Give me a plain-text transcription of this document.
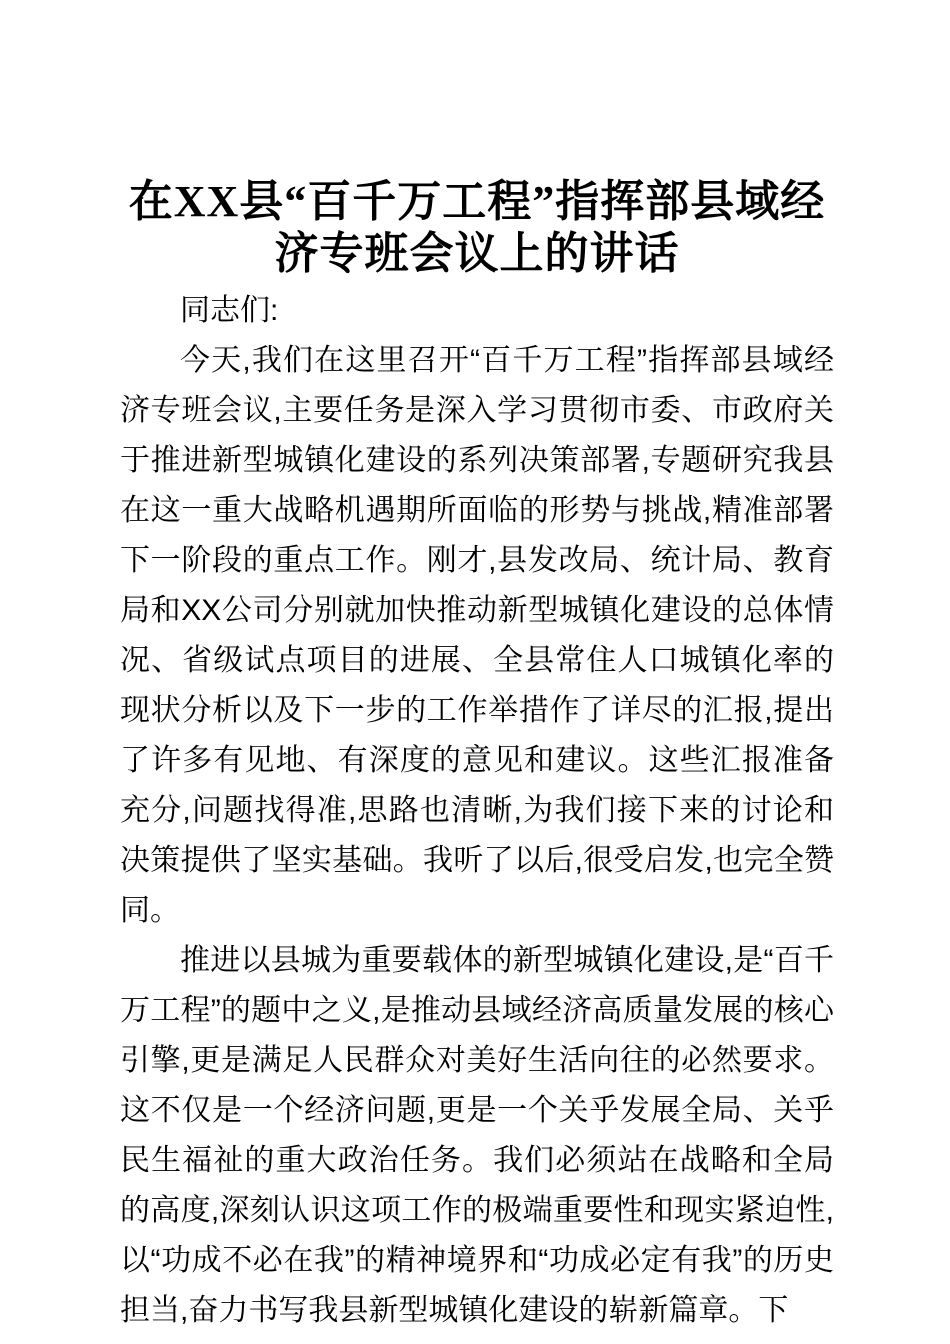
在XX县“百千万工程”指挥部县域经济专班会议上的讲话

同志们:

今天,我们在这里召开“百千万工程”指挥部县域经济专班会议,主要任务是深入学习贯彻市委、市政府关于推进新型城镇化建设的系列决策部署,专题研究我县在这一重大战略机遇期所面临的形势与挑战,精准部署下一阶段的重点工作。刚才,县发改局、统计局、教育局和XX公司分别就加快推动新型城镇化建设的总体情况、省级试点项目的进展、全县常住人口城镇化率的现状分析以及下一步的工作举措作了详尽的汇报,提出了许多有见地、有深度的意见和建议。这些汇报准备充分,问题找得准,思路也清晰,为我们接下来的讨论和决策提供了坚实基础。我听了以后,很受启发,也完全赞同。

推进以县城为重要载体的新型城镇化建设,是“百千万工程”的题中之义,是推动县域经济高质量发展的核心引擎,更是满足人民群众对美好生活向往的必然要求。这不仅是一个经济问题,更是一个关乎发展全局、关乎民生福祉的重大政治任务。我们必须站在战略和全局的高度,深刻认识这项工作的极端重要性和现实紧迫性,以“功成不必在我”的精神境界和“功成必定有我”的历史担当,奋力书写我县新型城镇化建设的崭新篇章。下
